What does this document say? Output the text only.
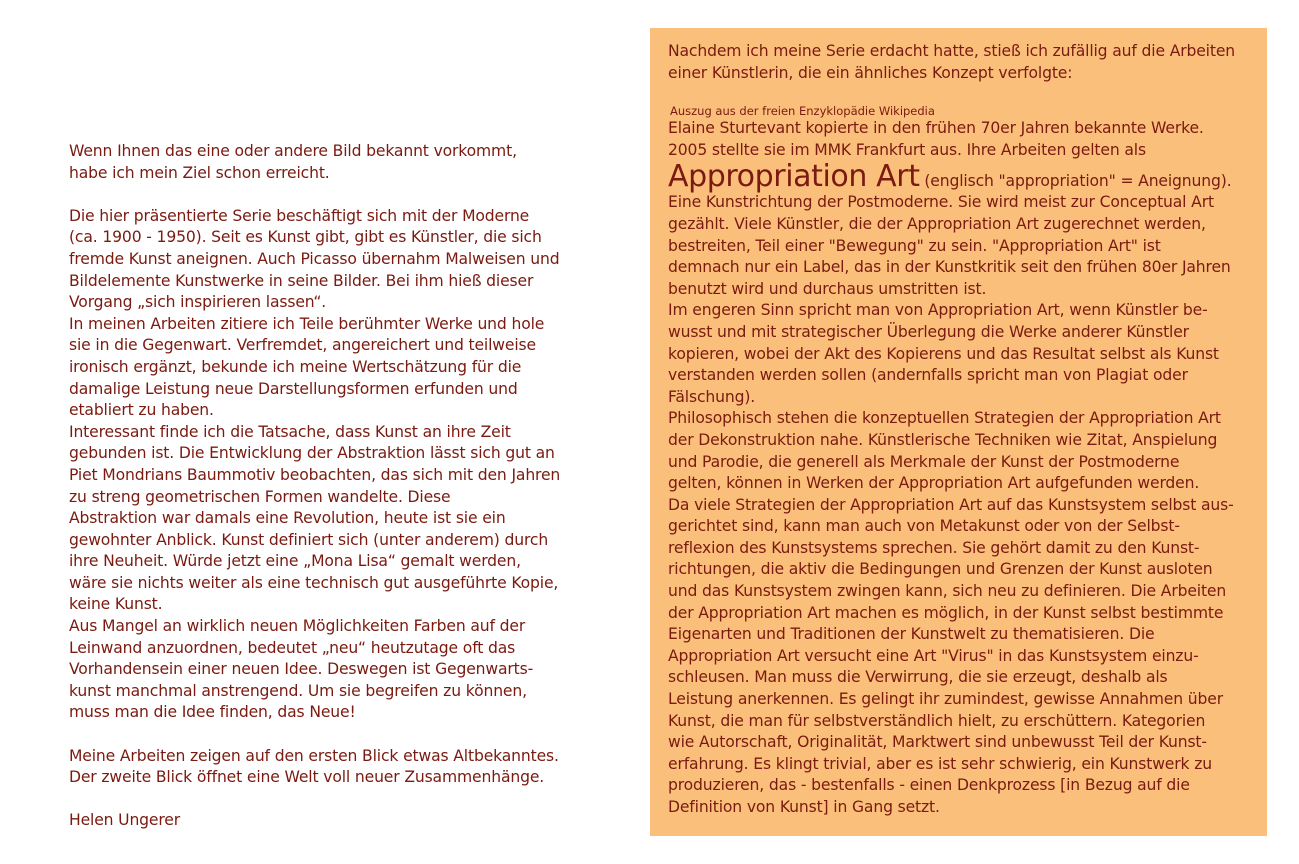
Wenn Ihnen das eine oder andere Bild bekannt vorkommt,
habe ich mein Ziel schon erreicht.

Die hier präsentierte Serie beschäftigt sich mit der Moderne
(ca. 1900 - 1950). Seit es Kunst gibt, gibt es Künstler, die sich
fremde Kunst aneignen. Auch Picasso übernahm Malweisen und
Bildelemente Kunstwerke in seine Bilder. Bei ihm hieß dieser
Vorgang „sich inspirieren lassen“.
In meinen Arbeiten zitiere ich Teile berühmter Werke und hole
sie in die Gegenwart. Verfremdet, angereichert und teilweise
ironisch ergänzt, bekunde ich meine Wertschätzung für die
damalige Leistung neue Darstellungsformen erfunden und
etabliert zu haben.
Interessant finde ich die Tatsache, dass Kunst an ihre Zeit
gebunden ist. Die Entwicklung der Abstraktion lässt sich gut an
Piet Mondrians Baummotiv beobachten, das sich mit den Jahren
zu streng geometrischen Formen wandelte. Diese
Abstraktion war damals eine Revolution, heute ist sie ein
gewohnter Anblick. Kunst definiert sich (unter anderem) durch
ihre Neuheit. Würde jetzt eine „Mona Lisa“ gemalt werden,
wäre sie nichts weiter als eine technisch gut ausgeführte Kopie,
keine Kunst.
Aus Mangel an wirklich neuen Möglichkeiten Farben auf der
Leinwand anzuordnen, bedeutet „neu“ heutzutage oft das
Vorhandensein einer neuen Idee. Deswegen ist Gegenwarts-
kunst manchmal anstrengend. Um sie begreifen zu können,
muss man die Idee finden, das Neue!

Meine Arbeiten zeigen auf den ersten Blick etwas Altbekanntes.
Der zweite Blick öffnet eine Welt voll neuer Zusammenhänge.

Helen Ungerer

Nachdem ich meine Serie erdacht hatte, stieß ich zufällig auf die Arbeiten
einer Künstlerin, die ein ähnliches Konzept verfolgte:

Auszug aus der freien Enzyklopädie Wikipedia

Elaine Sturtevant kopierte in den frühen 70er Jahren bekannte Werke.
2005 stellte sie im MMK Frankfurt aus. Ihre Arbeiten gelten als

Appropriation Art (englisch "appropriation" = Aneignung).

Eine Kunstrichtung der Postmoderne. Sie wird meist zur Conceptual Art
gezählt. Viele Künstler, die der Appropriation Art zugerechnet werden,
bestreiten, Teil einer "Bewegung" zu sein. "Appropriation Art" ist
demnach nur ein Label, das in der Kunstkritik seit den frühen 80er Jahren
benutzt wird und durchaus umstritten ist.
Im engeren Sinn spricht man von Appropriation Art, wenn Künstler be-
wusst und mit strategischer Überlegung die Werke anderer Künstler
kopieren, wobei der Akt des Kopierens und das Resultat selbst als Kunst
verstanden werden sollen (andernfalls spricht man von Plagiat oder
Fälschung).
Philosophisch stehen die konzeptuellen Strategien der Appropriation Art
der Dekonstruktion nahe. Künstlerische Techniken wie Zitat, Anspielung
und Parodie, die generell als Merkmale der Kunst der Postmoderne
gelten, können in Werken der Appropriation Art aufgefunden werden.
Da viele Strategien der Appropriation Art auf das Kunstsystem selbst aus-
gerichtet sind, kann man auch von Metakunst oder von der Selbst-
reflexion des Kunstsystems sprechen. Sie gehört damit zu den Kunst-
richtungen, die aktiv die Bedingungen und Grenzen der Kunst ausloten
und das Kunstsystem zwingen kann, sich neu zu definieren. Die Arbeiten
der Appropriation Art machen es möglich, in der Kunst selbst bestimmte
Eigenarten und Traditionen der Kunstwelt zu thematisieren. Die
Appropriation Art versucht eine Art "Virus" in das Kunstsystem einzu-
schleusen. Man muss die Verwirrung, die sie erzeugt, deshalb als
Leistung anerkennen. Es gelingt ihr zumindest, gewisse Annahmen über
Kunst, die man für selbstverständlich hielt, zu erschüttern. Kategorien
wie Autorschaft, Originalität, Marktwert sind unbewusst Teil der Kunst-
erfahrung. Es klingt trivial, aber es ist sehr schwierig, ein Kunstwerk zu
produzieren, das - bestenfalls - einen Denkprozess [in Bezug auf die
Definition von Kunst] in Gang setzt.
